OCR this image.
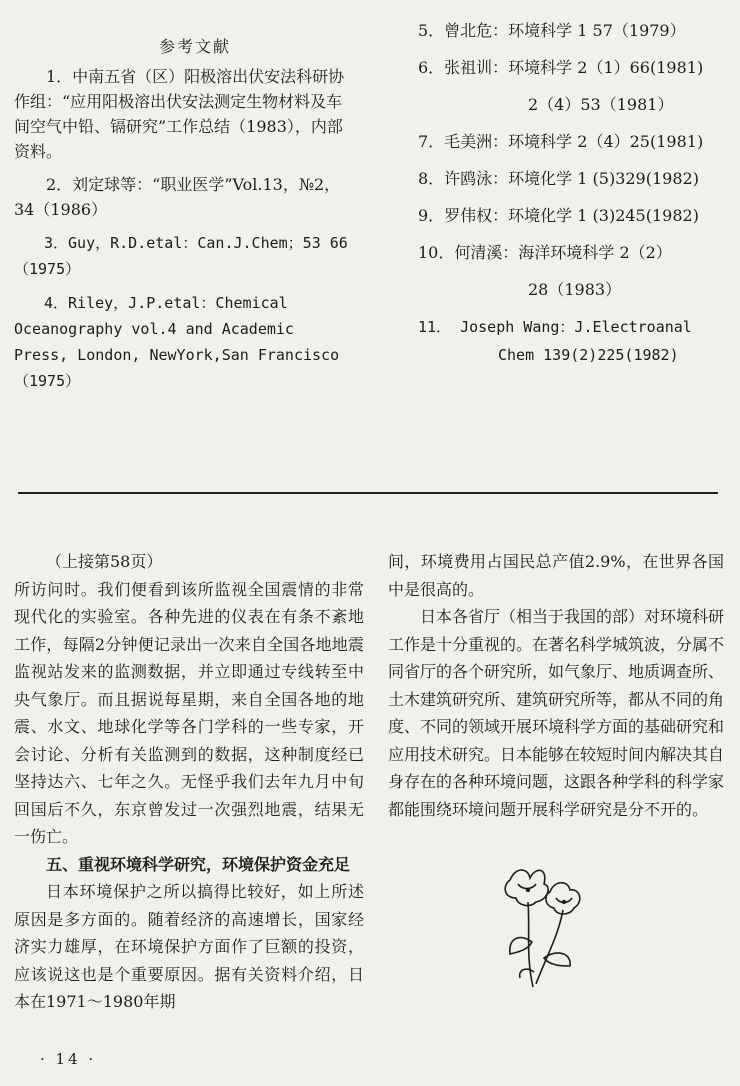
参考文献

1．中南五省（区）阳极溶出伏安法科研协作组：“应用阳极溶出伏安法测定生物材料及车间空气中铅、镉研究”工作总结（1983），内部资料。

2．刘定球等：“职业医学”Vol.13，№2，34（1986）

3．Guy，R.D.etal：Can.J.Chem；53 66（1975）

4．Riley，J.P.etal：Chemical Oceanography vol.4 and Academic Press, London, NewYork,San Francisco（1975）

5．曾北危：环境科学 1 57（1979）
6．张祖训：环境科学 2（1）66(1981)
2（4）53（1981）
7．毛美洲：环境科学 2（4）25(1981)
8．许鸥泳：环境化学 1 (5)329(1982)
9．罗伟权：环境化学 1 (3)245(1982)
10．何清溪：海洋环境科学 2（2）
28（1983）
11． Joseph Wang：J.Electroanal
Chem 139(2)225(1982)

（上接第58页）

所访问时。我们便看到该所监视全国震情的非常现代化的实验室。各种先进的仪表在有条不紊地工作，每隔2分钟便记录出一次来自全国各地地震监视站发来的监测数据，并立即通过专线转至中央气象厅。而且据说每星期，来自全国各地的地震、水文、地球化学等各门学科的一些专家，开会讨论、分析有关监测到的数据，这种制度经已坚持达六、七年之久。无怪乎我们去年九月中旬回国后不久，东京曾发过一次强烈地震，结果无一伤亡。

五、重视环境科学研究，环境保护资金充足

日本环境保护之所以搞得比较好，如上所述原因是多方面的。随着经济的高速增长，国家经济实力雄厚，在环境保护方面作了巨额的投资，应该说这也是个重要原因。据有关资料介绍，日本在1971～1980年期

间，环境费用占国民总产值2.9%，在世界各国中是很高的。

日本各省厅（相当于我国的部）对环境科研工作是十分重视的。在著名科学城筑波，分属不同省厅的各个研究所，如气象厅、地质调查所、土木建筑研究所、建筑研究所等，都从不同的角度、不同的领域开展环境科学方面的基础研究和应用技术研究。日本能够在较短时间内解决其自身存在的各种环境问题，这跟各种学科的科学家都能围绕环境问题开展科学研究是分不开的。

· 14 ·
